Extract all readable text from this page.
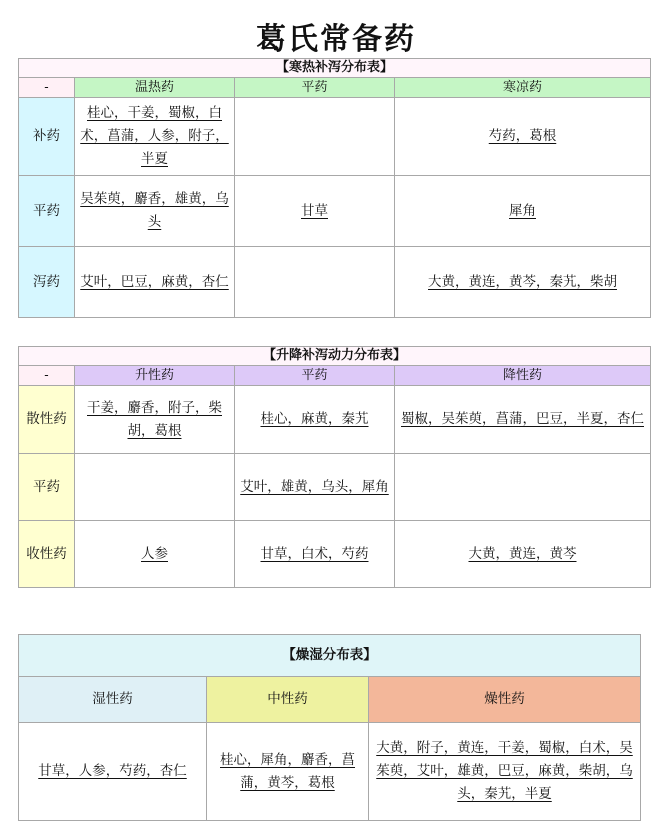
葛氏常备药
【寒热补泻分布表】			
-	温热药	平药	寒凉药
补药	桂心，干姜，蜀椒，白术，菖蒲，人参，附子，半夏		芍药，葛根
平药	吴茱萸，麝香，雄黄，乌头	甘草	犀角
泻药	艾叶，巴豆，麻黄，杏仁		大黄，黄连，黄芩，秦艽，柴胡
【升降补泻动力分布表】			
-	升性药	平药	降性药
散性药	干姜，麝香，附子，柴胡，葛根	桂心，麻黄，秦艽	蜀椒，吴茱萸，菖蒲，巴豆，半夏，杏仁
平药		艾叶，雄黄，乌头，犀角	
收性药	人参	甘草，白术，芍药	大黄，黄连，黄芩
【燥湿分布表】		
湿性药	中性药	燥性药
甘草，人参，芍药，杏仁	桂心，犀角，麝香，菖蒲，黄芩，葛根	大黄，附子，黄连，干姜，蜀椒，白术，吴茱萸，艾叶，雄黄，巴豆，麻黄，柴胡，乌头，秦艽，半夏
